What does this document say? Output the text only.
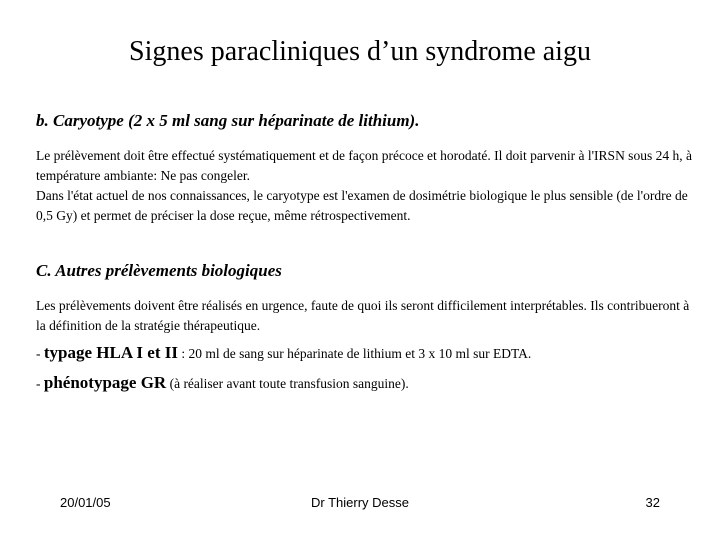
Signes paracliniques d’un syndrome aigu
b. Caryotype (2 x 5 ml sang sur héparinate de lithium).

Le prélèvement doit être effectué systématiquement et de façon précoce et horodaté. Il doit parvenir à l'IRSN sous 24 h, à température ambiante: Ne pas congeler.

Dans l'état actuel de nos connaissances, le caryotype est l'examen de dosimétrie biologique le plus sensible (de l'ordre de 0,5 Gy) et permet de préciser la dose reçue, même rétrospectivement.

C. Autres prélèvements biologiques

Les prélèvements doivent être réalisés en urgence, faute de quoi ils seront difficilement interprétables. Ils contribueront à la définition de la stratégie thérapeutique.

- typage HLA I et II : 20 ml de sang sur héparinate de lithium et 3 x 10 ml sur EDTA.
- phénotypage GR (à réaliser avant toute transfusion sanguine).
20/01/05	Dr Thierry Desse	32
